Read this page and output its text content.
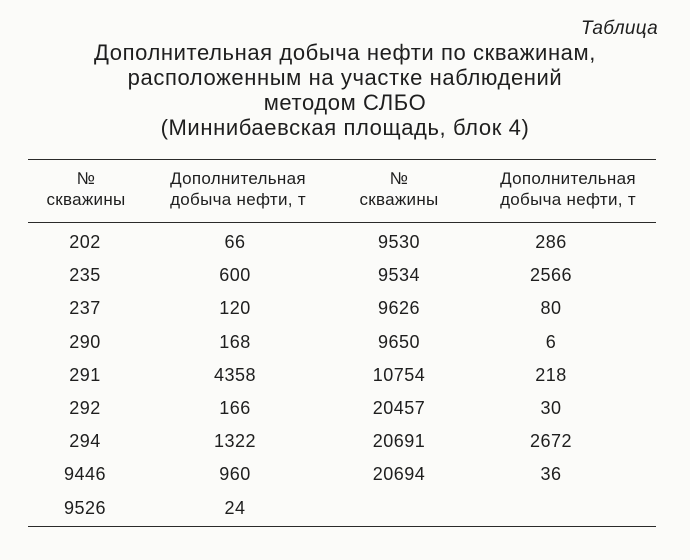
Таблица
Дополнительная добыча нефти по скважинам,
расположенным на участке наблюдений
методом СЛБО
(Миннибаевская площадь, блок 4)
№
скважины
Дополнительная
добыча нефти, т
№
скважины
Дополнительная
добыча нефти, т
202
235
237
290
291
292
294
9446
9526
66
600
120
168
4358
166
1322
960
24
9530
9534
9626
9650
10754
20457
20691
20694
286
2566
80
6
218
30
2672
36
